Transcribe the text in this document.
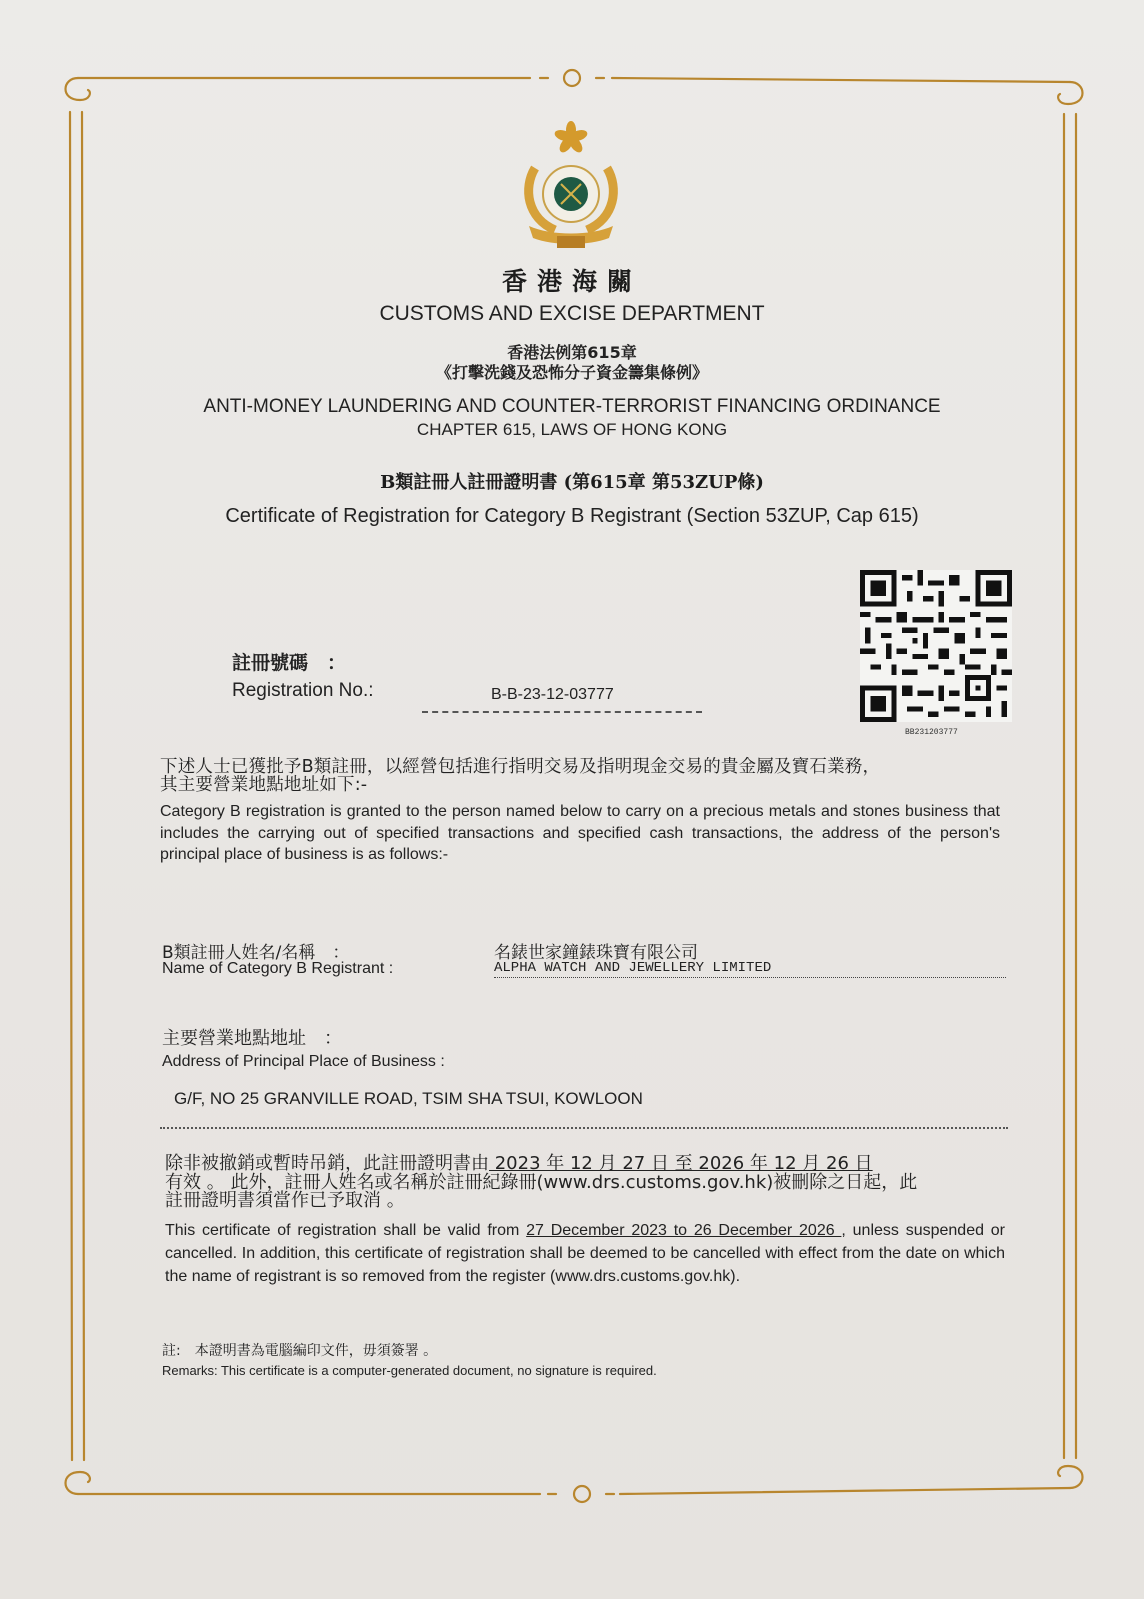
香港海關
CUSTOMS AND EXCISE DEPARTMENT
香港法例第615章
《打擊洗錢及恐怖分子資金籌集條例》
ANTI-MONEY LAUNDERING AND COUNTER-TERRORIST FINANCING ORDINANCE
CHAPTER 615, LAWS OF HONG KONG
B類註冊人註冊證明書 (第615章 第53ZUP條)
Certificate of Registration for Category B Registrant (Section 53ZUP, Cap 615)
BB231203777
註冊號碼　：
Registration No.:	B-B-23-12-03777
下述人士已獲批予B類註冊，以經營包括進行指明交易及指明現金交易的貴金屬及寶石業務，
其主要營業地點地址如下:-
Category B registration is granted to the person named below to carry on a precious metals and stones business that includes the carrying out of specified transactions and specified cash transactions, the address of the person's principal place of business is as follows:-
B類註冊人姓名/名稱　：
Name of Category B Registrant :
名錶世家鐘錶珠寶有限公司
ALPHA WATCH AND JEWELLERY LIMITED
主要營業地點地址　：
Address of Principal Place of Business :
G/F, NO 25 GRANVILLE ROAD, TSIM SHA TSUI, KOWLOON
除非被撤銷或暫時吊銷，此註冊證明書由 2023 年 12 月 27 日 至 2026 年 12 月 26 日
有效 。 此外，註冊人姓名或名稱於註冊紀錄冊(www.drs.customs.gov.hk)被刪除之日起，此
註冊證明書須當作已予取消 。
This certificate of registration shall be valid from 27 December 2023 to 26 December 2026 , unless suspended or cancelled. In addition, this certificate of registration shall be deemed to be cancelled with effect from the date on which the name of registrant is so removed from the register (www.drs.customs.gov.hk).
註:　本證明書為電腦編印文件，毋須簽署 。
Remarks: This certificate is a computer-generated document, no signature is required.
